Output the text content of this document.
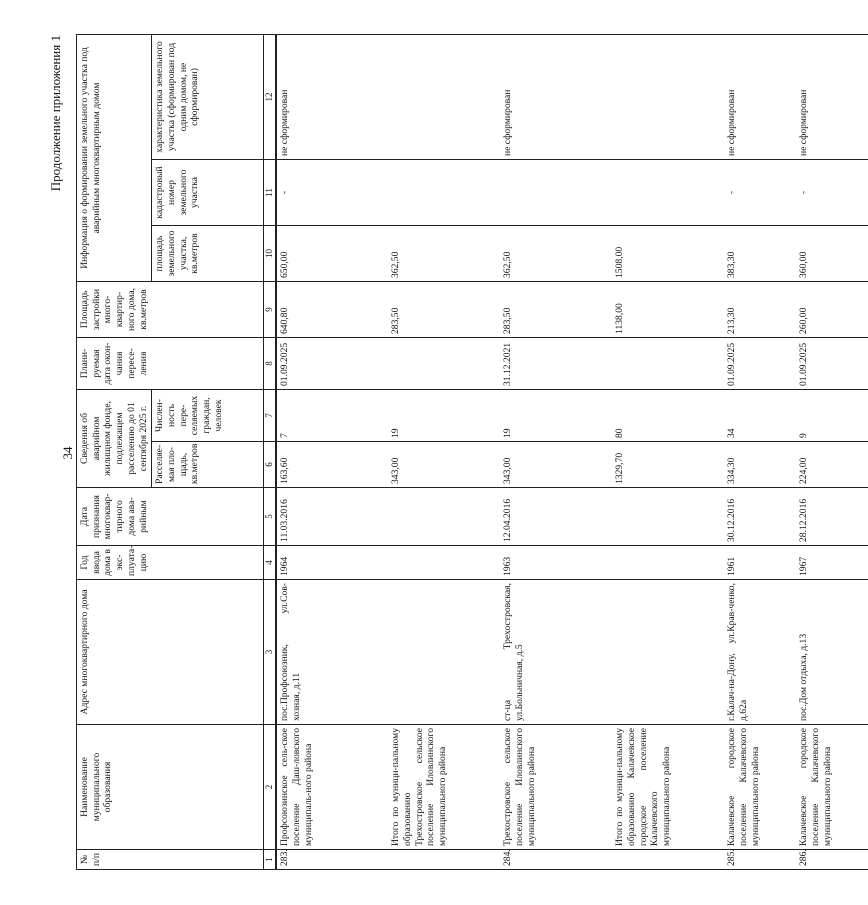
34
Продолжение приложения 1
№ п/п	Наименование муниципального образования	Адрес многоквартирного дома	Год ввода дома в экс-плуата-цию	Дата признания многоквар-тирного дома ава-рийным	Сведения об аварийном жилищном фонде, подлежащем расселению до 01 сентября 2025 г.		Плани-руемая дата окон-чания пересе-ления	Площадь застройки много-квартир-ного дома, кв.метров	Информация о формировании земельного участка под аварийным многоквартирным домом		
					Расселяе-мая пло-щадь, кв.метров	Числен-ность пере-селяемых граждан, человек			площадь земельного участка, кв.метров	кадастровый номер земельного участка	характеристика земельного участка (сформирован под одним домом, не сформирован)
1	2	3	4	5	6	7	8	9	10	11	12
283.	Профсоюзинское сель-ское поселение Даш-ловского муниципаль-ного района	пос.Профсоюзник, ул.Сов-хозная, д.11	1964	11.03.2016	163,60	7	01.09.2025	640,80	650,00	-	не сформирован
	Итого по муници-пальному образованию Трехостровское сельское поселение Иловлинского муниципального района				343,00	19		283,50	362,50		
284.	Трехостровское сельское поселение Иловлинского муниципального района	ст-ца Трехостровская, ул.Больничная, д.5	1963	12.04.2016	343,00	19	31.12.2021	283,50	362,50		не сформирован
	Итого по муници-пальному образованию Калачевское городское поселение Калачевского муниципального района				1329,70	80		1138,00	1508,00		
285.	Калачевское городское поселение Калачевского муниципального района	г.Калач-на-Дону, ул.Крав-ченко, д.62а	1961	30.12.2016	334,30	34	01.09.2025	213,30	383,30	-	не сформирован
286.	Калачевское городское поселение Калачевского муниципального района	пос.Дом отдыха, д.13	1967	28.12.2016	224,00	9	01.09.2025	260,00	360,00	-	не сформирован
